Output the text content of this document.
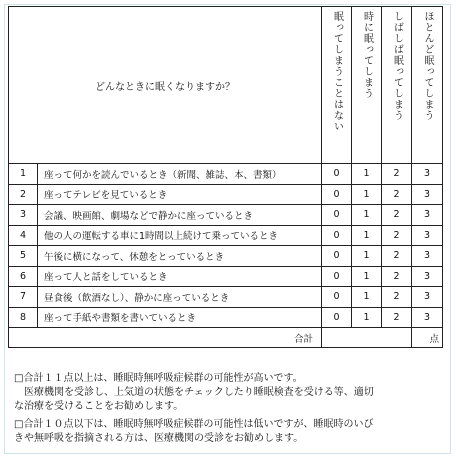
どんなときに眠くなりますか？		眠ってしまうことはない	時に眠ってしまう	しばしば眠ってしまう	ほとんど眠ってしまう
1	座って何かを読んでいるとき（新聞、雑誌、本、書類）	0	1	2	3
2	座ってテレビを見ているとき	0	1	2	3
3	会議、映画館、劇場などで静かに座っているとき	0	1	2	3
4	他の人の運転する車に1時間以上続けて乗っているとき	0	1	2	3
5	午後に横になって、休憩をとっているとき	0	1	2	3
6	座って人と話をしているとき	0	1	2	3
7	昼食後（飲酒なし）、静かに座っているとき	0	1	2	3
8	座って手紙や書類を書いているとき	0	1	2	3
合計					点
□合計１１点以上は、睡眠時無呼吸症候群の可能性が高いです。
医療機関を受診し、上気道の状態をチェックしたり睡眠検査を受ける等、適切
な治療を受けることをお勧めします。
□合計１０点以下は、睡眠時無呼吸症候群の可能性は低いですが、睡眠時のいび
きや無呼吸を指摘される方は、医療機関の受診をお勧めします。
